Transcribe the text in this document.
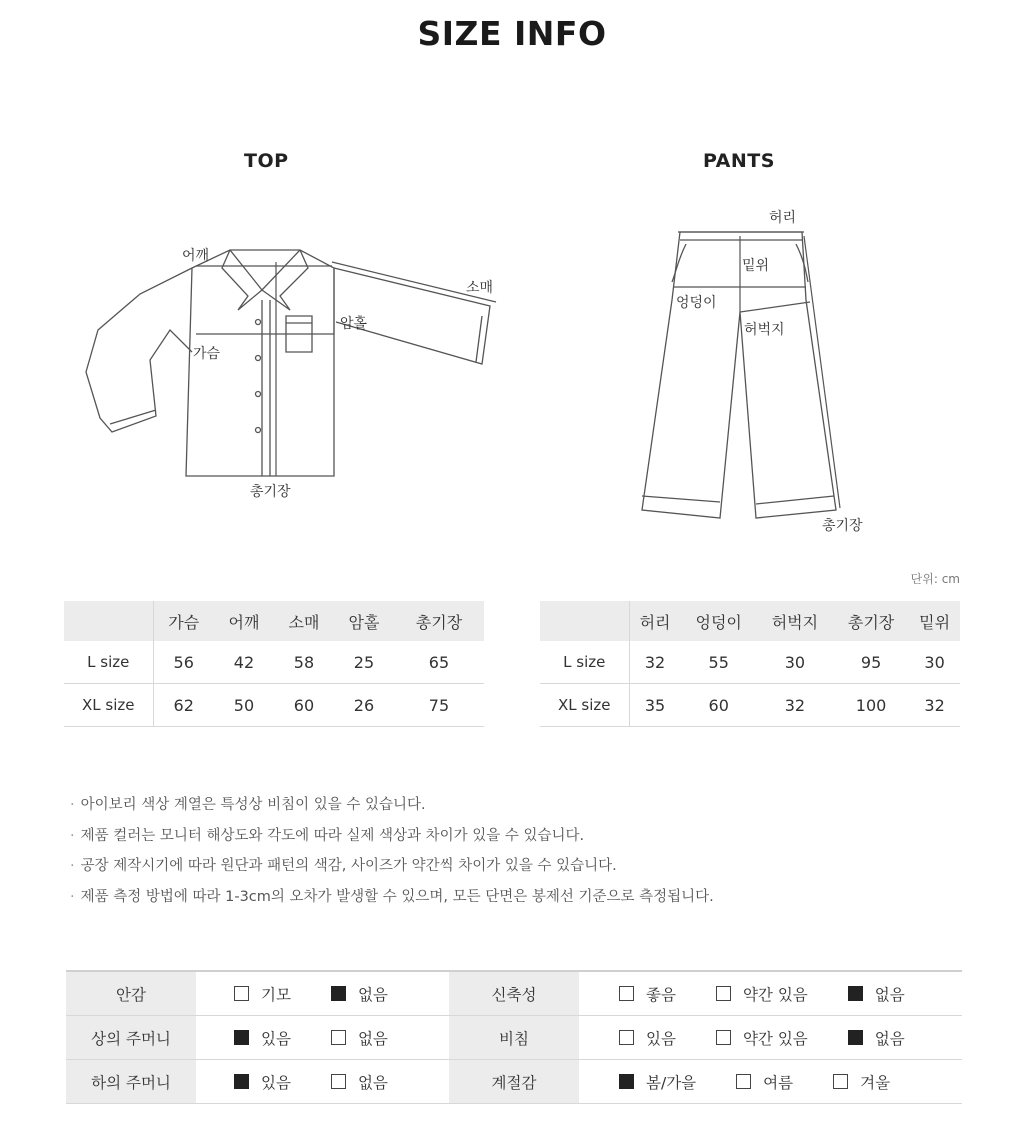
SIZE INFO
TOP	PANTS
어깨
소매
암홀
가슴
총기장
허리
밑위
엉덩이
허벅지
총기장
단위: cm
	가슴	어깨	소매	암홀	총기장
L size	56	42	58	25	65
XL size	62	50	60	26	75
	허리	엉덩이	허벅지	총기장	밑위
L size	32	55	30	95	30
XL size	35	60	32	100	32
· 아이보리 색상 계열은 특성상 비침이 있을 수 있습니다.
· 제품 컬러는 모니터 해상도와 각도에 따라 실제 색상과 차이가 있을 수 있습니다.
· 공장 제작시기에 따라 원단과 패턴의 색감, 사이즈가 약간씩 차이가 있을 수 있습니다.
· 제품 측정 방법에 따라 1-3cm의 오차가 발생할 수 있으며, 모든 단면은 봉제선 기준으로 측정됩니다.
안감	기모 없음	신축성	좋음 약간 있음 없음

상의 주머니	있음 없음	비침	있음 약간 있음 없음

하의 주머니	있음 없음	계절감	봄/가을 여름 겨울
